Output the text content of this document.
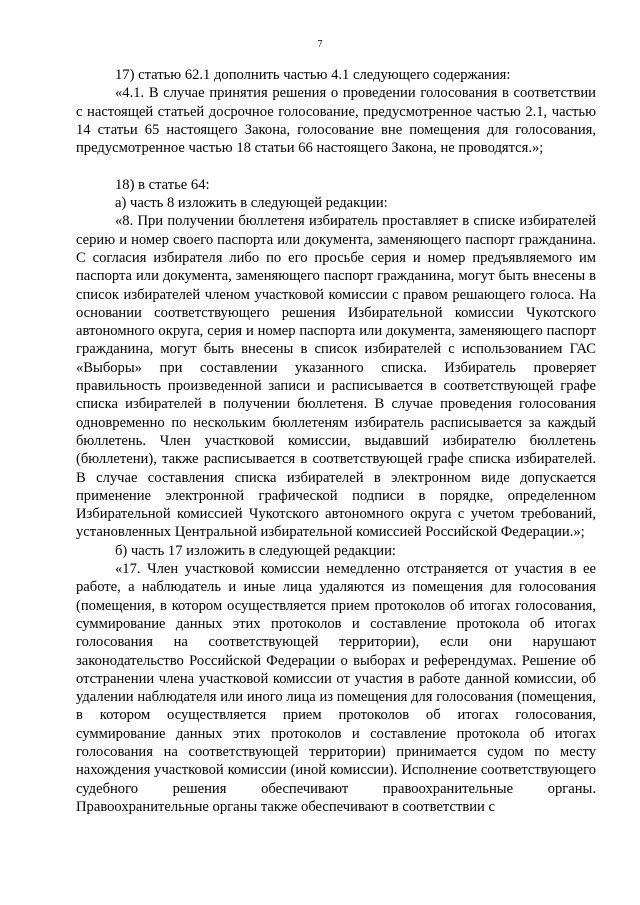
7

17) статью 62.1 дополнить частью 4.1 следующего содержания:

«4.1. В случае принятия решения о проведении голосования в соответствии с настоящей статьей досрочное голосование, предусмотренное частью 2.1, частью 14 статьи 65 настоящего Закона, голосование вне помещения для голосования, предусмотренное частью 18 статьи 66 настоящего Закона, не проводятся.»;

18) в статье 64:

а) часть 8 изложить в следующей редакции:

«8. При получении бюллетеня избиратель проставляет в списке избирателей серию и номер своего паспорта или документа, заменяющего паспорт гражданина. С согласия избирателя либо по его просьбе серия и номер предъявляемого им паспорта или документа, заменяющего паспорт гражданина, могут быть внесены в список избирателей членом участковой комиссии с правом решающего голоса. На основании соответствующего решения Избирательной комиссии Чукотского автономного округа, серия и номер паспорта или документа, заменяющего паспорт гражданина, могут быть внесены в список избирателей с использованием ГАС «Выборы» при составлении указанного списка. Избиратель проверяет правильность произведенной записи и расписывается в соответствующей графе списка избирателей в получении бюллетеня. В случае проведения голосования одновременно по нескольким бюллетеням избиратель расписывается за каждый бюллетень. Член участковой комиссии, выдавший избирателю бюллетень (бюллетени), также расписывается в соответствующей графе списка избирателей. В случае составления списка избирателей в электронном виде допускается применение электронной графической подписи в порядке, определенном Избирательной комиссией Чукотского автономного округа с учетом требований, установленных Центральной избирательной комиссией Российской Федерации.»;

б) часть 17 изложить в следующей редакции:

«17. Член участковой комиссии немедленно отстраняется от участия в ее работе, а наблюдатель и иные лица удаляются из помещения для голосования (помещения, в котором осуществляется прием протоколов об итогах голосования, суммирование данных этих протоколов и составление протокола об итогах голосования на соответствующей территории), если они нарушают законодательство Российской Федерации о выборах и референдумах. Решение об отстранении члена участковой комиссии от участия в работе данной комиссии, об удалении наблюдателя или иного лица из помещения для голосования (помещения, в котором осуществляется прием протоколов об итогах голосования, суммирование данных этих протоколов и составление протокола об итогах голосования на соответствующей территории) принимается судом по месту нахождения участковой комиссии (иной комиссии). Исполнение соответствующего судебного решения обеспечивают правоохранительные органы. Правоохранительные органы также обеспечивают в соответствии с
